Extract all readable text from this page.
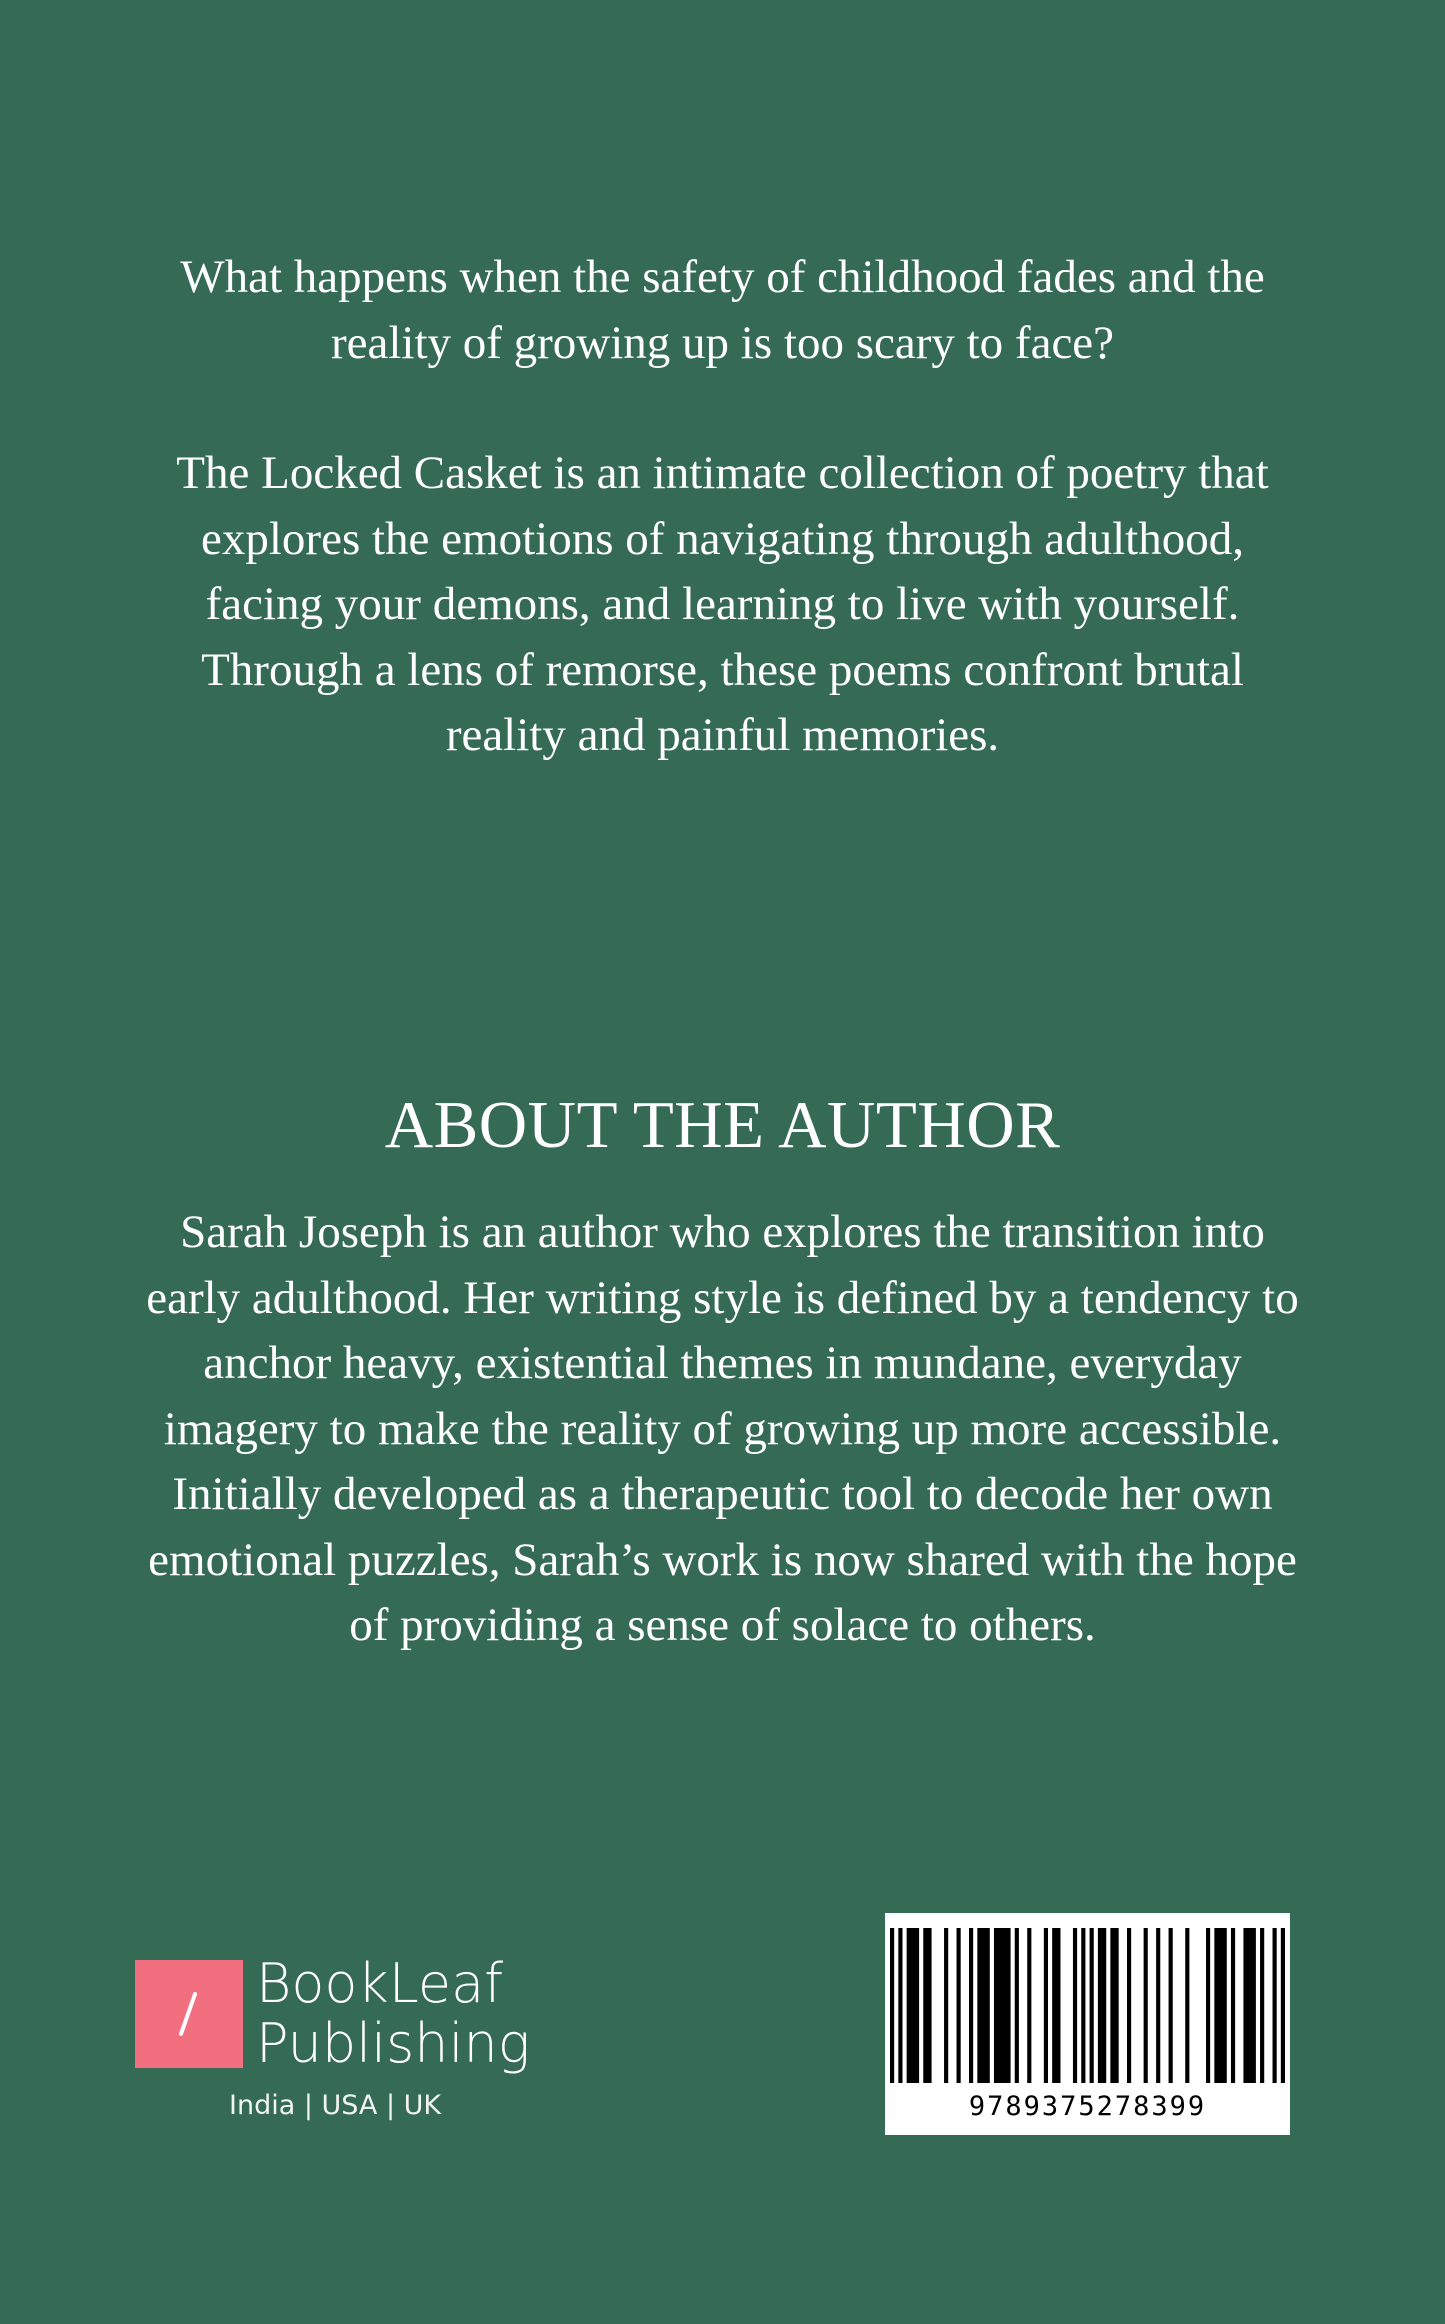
What happens when the safety of childhood fades and the reality of growing up is too scary to face?

The Locked Casket is an intimate collection of poetry that explores the emotions of navigating through adulthood, facing your demons, and learning to live with yourself. Through a lens of remorse, these poems confront brutal reality and painful memories.

ABOUT THE AUTHOR

Sarah Joseph is an author who explores the transition into early adulthood. Her writing style is defined by a tendency to anchor heavy, existential themes in mundane, everyday imagery to make the reality of growing up more accessible. Initially developed as a therapeutic tool to decode her own emotional puzzles, Sarah’s work is now shared with the hope of providing a sense of solace to others.

BookLeaf
Publishing
India | USA | UK	9789375278399
